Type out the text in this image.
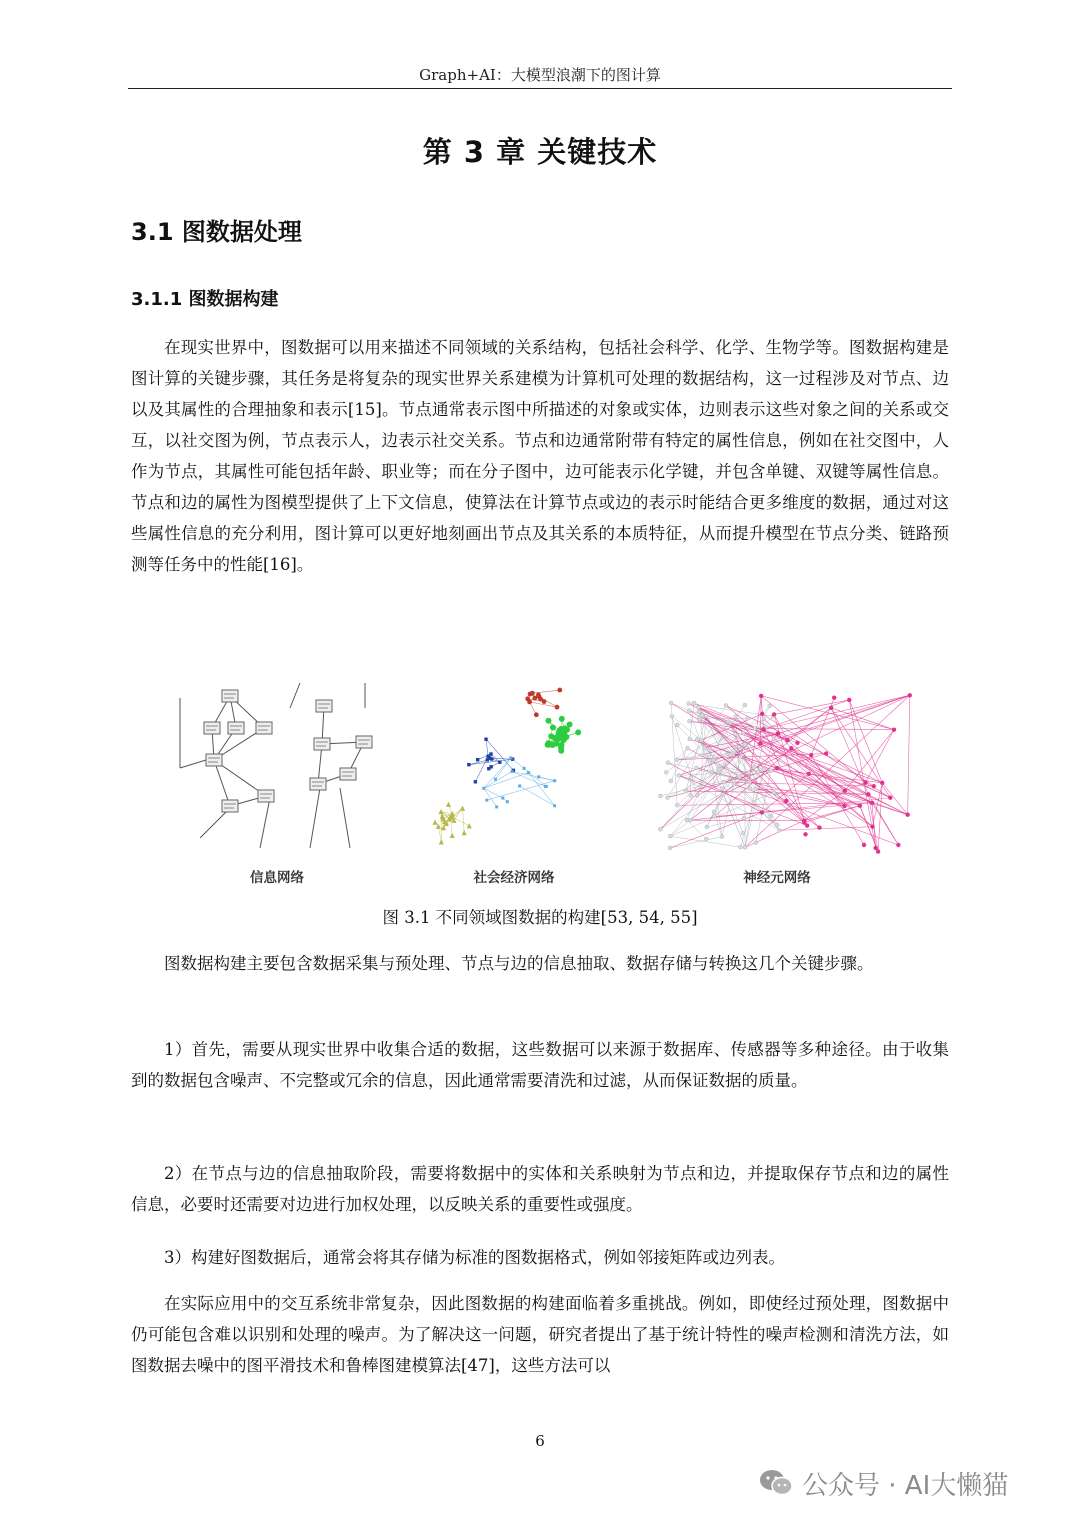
Graph+AI：大模型浪潮下的图计算
第 3 章 关键技术
3.1 图数据处理
3.1.1 图数据构建

在现实世界中，图数据可以用来描述不同领域的关系结构，包括社会科学、化学、生物学等。图数据构建是图计算的关键步骤，其任务是将复杂的现实世界关系建模为计算机可处理的数据结构，这一过程涉及对节点、边以及其属性的合理抽象和表示[15]。节点通常表示图中所描述的对象或实体，边则表示这些对象之间的关系或交互，以社交图为例，节点表示人，边表示社交关系。节点和边通常附带有特定的属性信息，例如在社交图中，人作为节点，其属性可能包括年龄、职业等；而在分子图中，边可能表示化学键，并包含单键、双键等属性信息。节点和边的属性为图模型提供了上下文信息，使算法在计算节点或边的表示时能结合更多维度的数据，通过对这些属性信息的充分利用，图计算可以更好地刻画出节点及其关系的本质特征，从而提升模型在节点分类、链路预测等任务中的性能[16]。

信息网络	社会经济网络	神经元网络
图 3.1 不同领域图数据的构建[53, 54, 55]

图数据构建主要包含数据采集与预处理、节点与边的信息抽取、数据存储与转换这几个关键步骤。

1）首先，需要从现实世界中收集合适的数据，这些数据可以来源于数据库、传感器等多种途径。由于收集到的数据包含噪声、不完整或冗余的信息，因此通常需要清洗和过滤，从而保证数据的质量。

2）在节点与边的信息抽取阶段，需要将数据中的实体和关系映射为节点和边，并提取保存节点和边的属性信息，必要时还需要对边进行加权处理，以反映关系的重要性或强度。

3）构建好图数据后，通常会将其存储为标准的图数据格式，例如邻接矩阵或边列表。

在实际应用中的交互系统非常复杂，因此图数据的构建面临着多重挑战。例如，即使经过预处理，图数据中仍可能包含难以识别和处理的噪声。为了解决这一问题，研究者提出了基于统计特性的噪声检测和清洗方法，如图数据去噪中的图平滑技术和鲁棒图建模算法[47]，这些方法可以

6
公众号 · AI大懒猫
